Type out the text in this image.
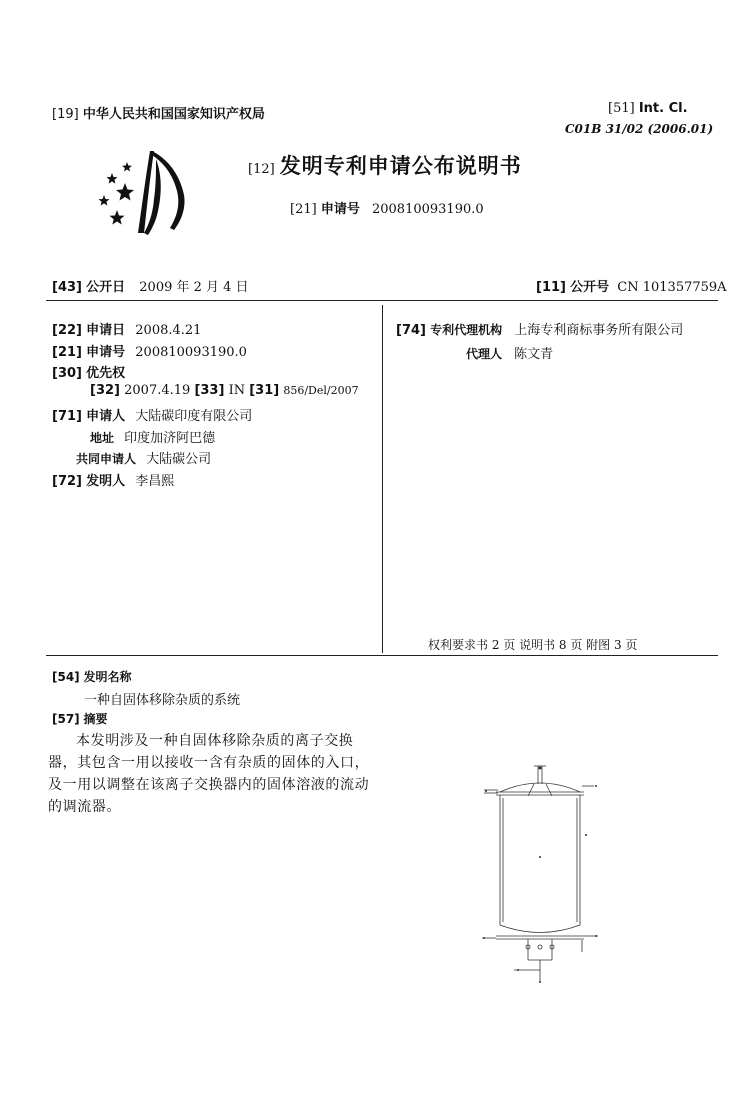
[19] 中华人民共和国国家知识产权局	[51] Int. Cl.
C01B 31/02 (2006.01)
[12] 发明专利申请公布说明书
[21] 申请号 200810093190.0
[43] 公开日 2009 年 2 月 4 日	[11] 公开号 CN 101357759A
[22] 申请日 2008.4.21
[21] 申请号 200810093190.0
[30] 优先权
[32] 2007.4.19 [33] IN [31] 856/Del/2007
[71] 申请人 大陆碳印度有限公司
地址 印度加济阿巴德
共同申请人 大陆碳公司
[72] 发明人 李昌熙
[74] 专利代理机构 上海专利商标事务所有限公司
代理人 陈文青
权利要求书 2 页 说明书 8 页 附图 3 页
[54] 发明名称
一种自固体移除杂质的系统
[57] 摘要
本发明涉及一种自固体移除杂质的离子交换
器，其包含一用以接收一含有杂质的固体的入口，
及一用以调整在该离子交换器内的固体溶液的流动
的调流器。
